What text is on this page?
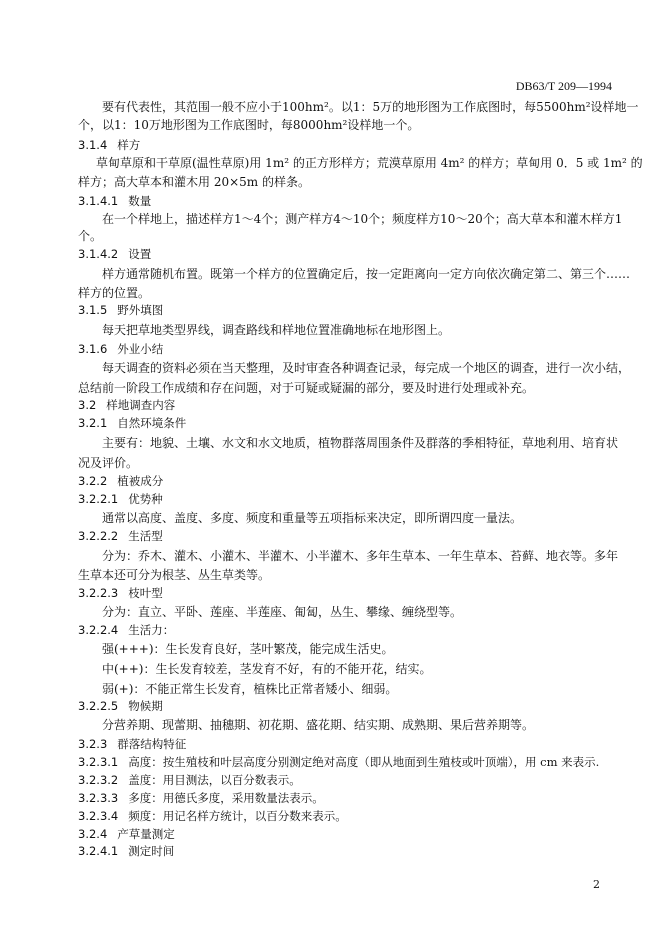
DB63/T 209—1994
要有代表性，其范围一般不应小于100hm²。以1：5万的地形图为工作底图时，每5500hm²设样地一
个，以1：10万地形图为工作底图时，每8000hm²设样地一个。
3.1.4 样方
草甸草原和干草原(温性草原)用 1m² 的正方形样方；荒漠草原用 4m² 的样方；草甸用 0．5 或 1m² 的
样方；高大草本和灌木用 20×5m 的样条。
3.1.4.1 数量
在一个样地上，描述样方1～4个；测产样方4～10个；频度样方10～20个；高大草本和灌木样方1
个。
3.1.4.2 设置
样方通常随机布置。既第一个样方的位置确定后，按一定距离向一定方向依次确定第二、第三个……
样方的位置。
3.1.5 野外填图
每天把草地类型界线，调查路线和样地位置准确地标在地形图上。
3.1.6 外业小结
每天调查的资料必须在当天整理，及时审查各种调查记录，每完成一个地区的调查，进行一次小结，
总结前一阶段工作成绩和存在问题，对于可疑或疑漏的部分，要及时进行处理或补充。
3.2 样地调查内容
3.2.1 自然环境条件
主要有：地貌、土壤、水文和水文地质，植物群落周围条件及群落的季相特征，草地利用、培育状
况及评价。
3.2.2 植被成分
3.2.2.1 优势种
通常以高度、盖度、多度、频度和重量等五项指标来决定，即所谓四度一量法。
3.2.2.2 生活型
分为：乔木、灌木、小灌木、半灌木、小半灌木、多年生草本、一年生草本、苔藓、地衣等。多年
生草本还可分为根茎、丛生草类等。
3.2.2.3 枝叶型
分为：直立、平卧、莲座、半莲座、匍匐，丛生、攀缘、缠绕型等。
3.2.2.4 生活力：
强(+++)：生长发育良好，茎叶繁茂，能完成生活史。
中(++)：生长发育较差，茎发育不好，有的不能开花，结实。
弱(+)：不能正常生长发育，植株比正常者矮小、细弱。
3.2.2.5 物候期
分营养期、现蕾期、抽穗期、初花期、盛花期、结实期、成熟期、果后营养期等。
3.2.3 群落结构特征
3.2.3.1 高度：按生殖枝和叶层高度分别测定绝对高度（即从地面到生殖枝或叶顶端），用 cm 来表示.
3.2.3.2 盖度：用目测法，以百分数表示。
3.2.3.3 多度：用德氏多度，采用数量法表示。
3.2.3.4 频度：用记名样方统计，以百分数来表示。
3.2.4 产草量测定
3.2.4.1 测定时间
2
